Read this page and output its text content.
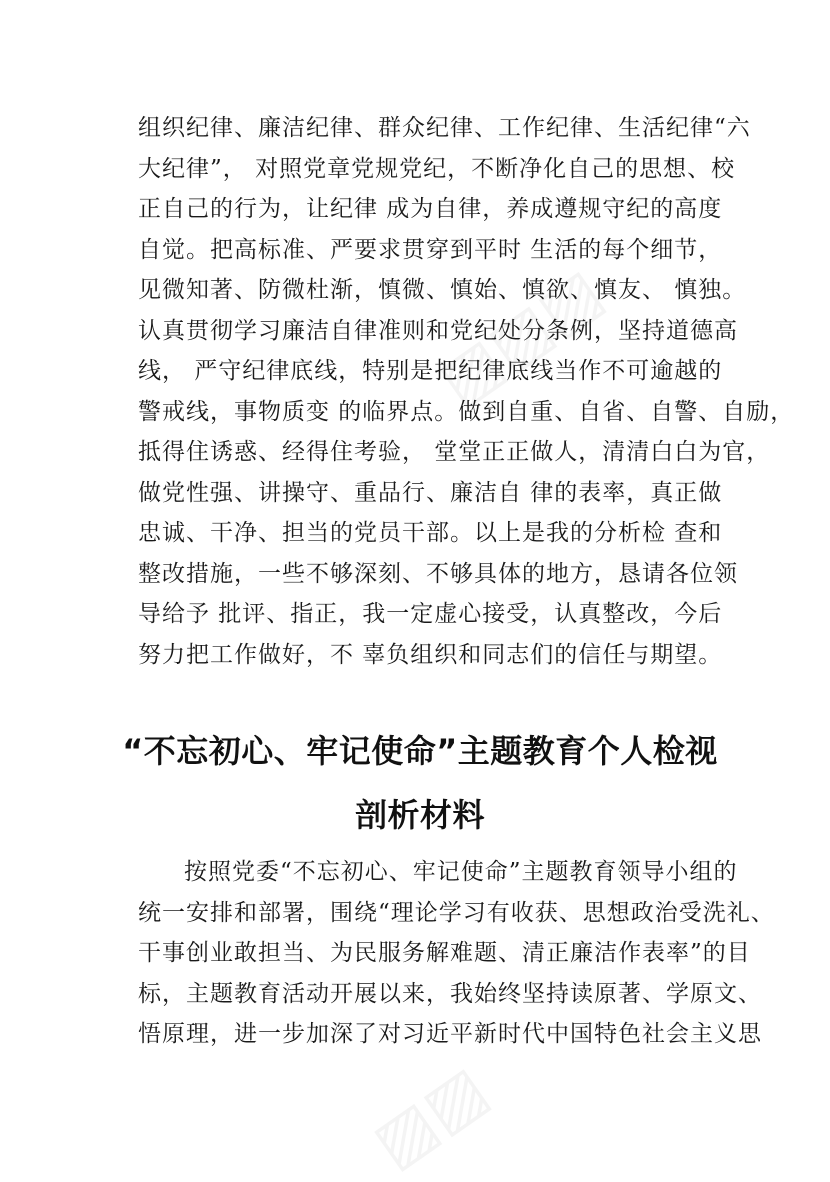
组织纪律、廉洁纪律、群众纪律、工作纪律、生活纪律“六
大纪律”， 对照党章党规党纪，不断净化自己的思想、校
正自己的行为，让纪律 成为自律，养成遵规守纪的高度
自觉。把高标准、严要求贯穿到平时 生活的每个细节，
见微知著、防微杜渐，慎微、慎始、慎欲、慎友、 慎独。
认真贯彻学习廉洁自律准则和党纪处分条例，坚持道德高
线， 严守纪律底线，特别是把纪律底线当作不可逾越的
警戒线，事物质变 的临界点。做到自重、自省、自警、自励，
抵得住诱惑、经得住考验， 堂堂正正做人，清清白白为官，
做党性强、讲操守、重品行、廉洁自 律的表率，真正做
忠诚、干净、担当的党员干部。以上是我的分析检 查和
整改措施，一些不够深刻、不够具体的地方，恳请各位领
导给予 批评、指正，我一定虚心接受，认真整改，今后
努力把工作做好，不 辜负组织和同志们的信任与期望。
“不忘初心、牢记使命”主题教育个人检视
剖析材料
按照党委“不忘初心、牢记使命”主题教育领导小组的
统一安排和部署，围绕“理论学习有收获、思想政治受洗礼、
干事创业敢担当、为民服务解难题、清正廉洁作表率”的目
标，主题教育活动开展以来，我始终坚持读原著、学原文、
悟原理，进一步加深了对习近平新时代中国特色社会主义思
